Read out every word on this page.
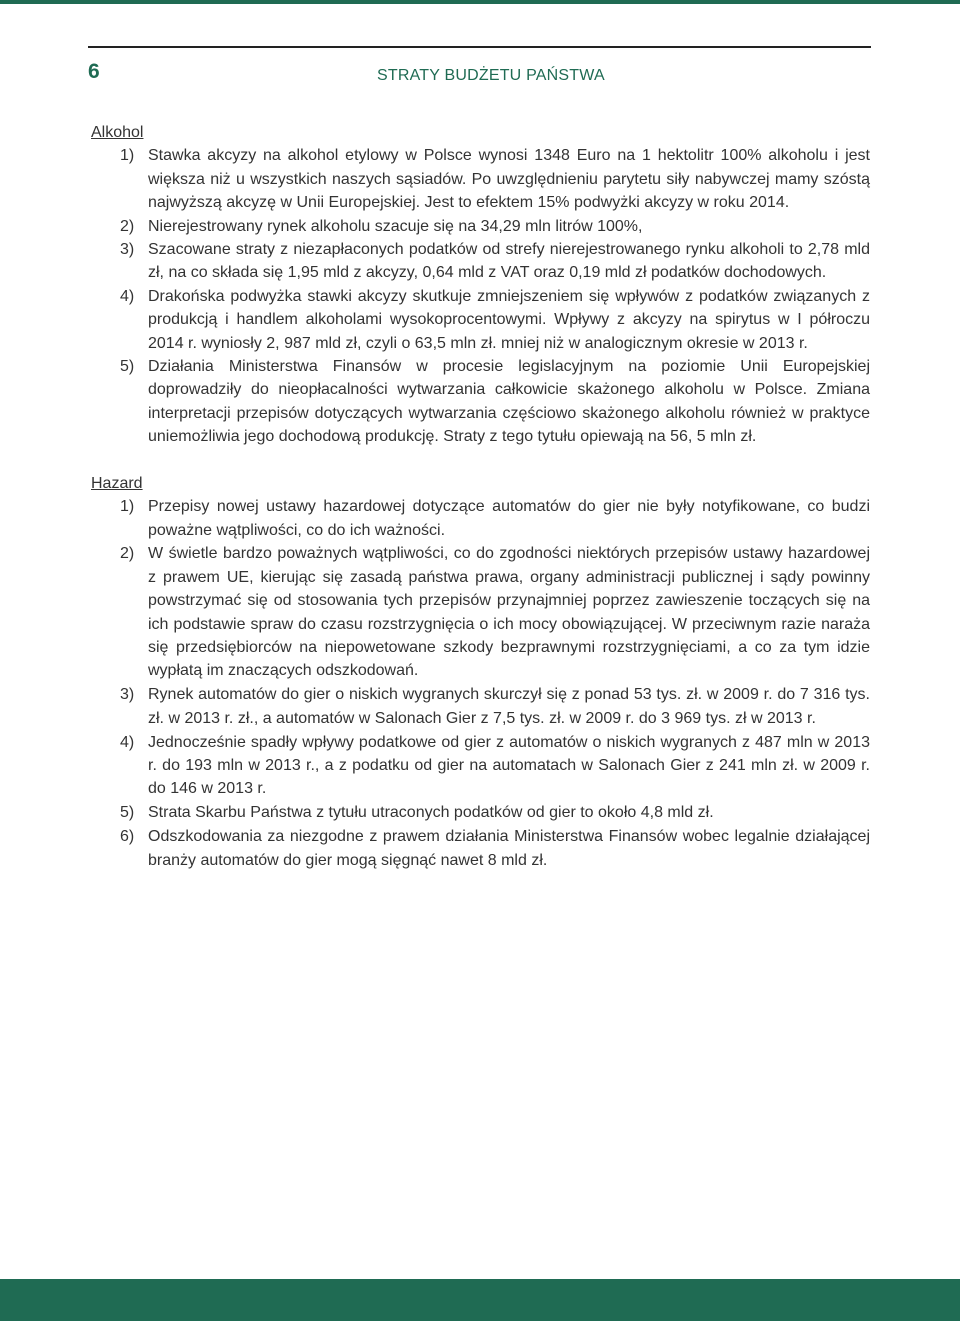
6	STRATY BUDŻETU PAŃSTWA
Alkohol
1) Stawka akcyzy na alkohol etylowy w Polsce wynosi 1348 Euro na 1 hektolitr 100% alkoholu i jest większa niż u wszystkich naszych sąsiadów. Po uwzględnieniu parytetu siły nabywczej mamy szóstą najwyższą akcyzę w Unii Europejskiej. Jest to efektem 15% podwyżki akcyzy w roku 2014.
2) Nierejestrowany rynek alkoholu szacuje się na 34,29 mln litrów 100%,
3) Szacowane straty z niezapłaconych podatków od strefy nierejestrowanego rynku alkoholi to 2,78 mld zł, na co składa się 1,95 mld z akcyzy, 0,64 mld z VAT oraz 0,19 mld zł podatków dochodowych.
4) Drakońska podwyżka stawki akcyzy skutkuje zmniejszeniem się wpływów z podatków związanych z produkcją i handlem alkoholami wysokoprocentowymi. Wpływy z akcyzy na spirytus w I półroczu 2014 r. wyniosły 2, 987 mld zł, czyli o 63,5 mln zł. mniej niż w analogicznym okresie w 2013 r.
5) Działania Ministerstwa Finansów w procesie legislacyjnym na poziomie Unii Europejskiej doprowadziły do nieopłacalności wytwarzania całkowicie skażonego alkoholu w Polsce. Zmiana interpretacji przepisów dotyczących wytwarzania częściowo skażonego alkoholu również w praktyce uniemożliwia jego dochodową produkcję. Straty z tego tytułu opiewają na 56, 5 mln zł.
Hazard
1) Przepisy nowej ustawy hazardowej dotyczące automatów do gier nie były notyfikowane, co budzi poważne wątpliwości, co do ich ważności.
2) W świetle bardzo poważnych wątpliwości, co do zgodności niektórych przepisów ustawy hazardowej z prawem UE, kierując się zasadą państwa prawa, organy administracji publicznej i sądy powinny powstrzymać się od stosowania tych przepisów przynajmniej poprzez zawieszenie toczących się na ich podstawie spraw do czasu rozstrzygnięcia o ich mocy obowiązującej. W przeciwnym razie naraża się przedsiębiorców na niepowetowane szkody bezprawnymi rozstrzygnięciami, a co za tym idzie wypłatą im znaczących odszkodowań.
3) Rynek automatów do gier o niskich wygranych skurczył się z ponad 53 tys. zł. w 2009 r. do 7 316 tys. zł. w 2013 r. zł., a automatów w Salonach Gier z 7,5 tys. zł. w 2009 r. do 3 969 tys. zł w 2013 r.
4) Jednocześnie spadły wpływy podatkowe od gier z automatów o niskich wygranych z 487 mln w 2013 r. do 193 mln w 2013 r., a z podatku od gier na automatach w Salonach Gier z 241 mln zł. w 2009 r. do 146 w 2013 r.
5) Strata Skarbu Państwa z tytułu utraconych podatków od gier to około 4,8 mld zł.
6) Odszkodowania za niezgodne z prawem działania Ministerstwa Finansów wobec legalnie działającej branży automatów do gier mogą sięgnąć nawet 8 mld zł.
